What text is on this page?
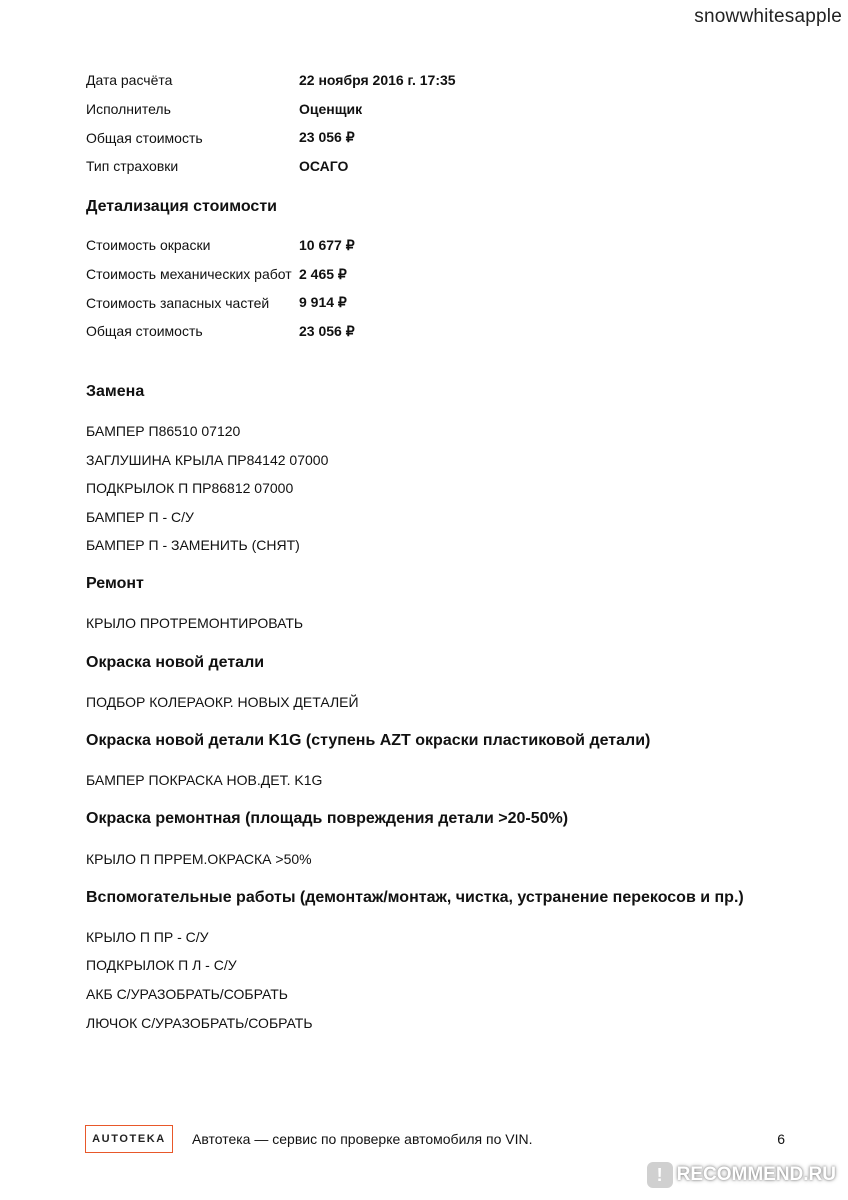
snowwhitesapple
Дата расчёта	22 ноября 2016 г. 17:35
Исполнитель	Оценщик
Общая стоимость	23 056 ₽
Тип страховки	ОСАГО
Детализация стоимости
Стоимость окраски	10 677 ₽
Стоимость механических работ 2 465 ₽
Стоимость запасных частей	9 914 ₽
Общая стоимость	23 056 ₽
Замена
БАМПЕР П86510 07120
ЗАГЛУШИНА КРЫЛА ПР84142 07000
ПОДКРЫЛОК П ПР86812 07000
БАМПЕР П - С/У
БАМПЕР П - ЗАМЕНИТЬ (СНЯТ)
Ремонт
КРЫЛО ПРОТРЕМОНТИРОВАТЬ
Окраска новой детали
ПОДБОР КОЛЕРАОКР. НОВЫХ ДЕТАЛЕЙ
Окраска новой детали K1G (ступень AZT окраски пластиковой детали)
БАМПЕР ПОКРАСКА НОВ.ДЕТ. K1G
Окраска ремонтная (площадь повреждения детали >20-50%)
КРЫЛО П ПРРЕМ.ОКРАСКА >50%
Вспомогательные работы (демонтаж/монтаж, чистка, устранение перекосов и пр.)
КРЫЛО П ПР - С/У
ПОДКРЫЛОК П Л - С/У
АКБ С/УРАЗОБРАТЬ/СОБРАТЬ
ЛЮЧОК С/УРАЗОБРАТЬ/СОБРАТЬ
AUTOTEKA	Автотека — сервис по проверке автомобиля по VIN.	6
! RECOMMEND.RU
